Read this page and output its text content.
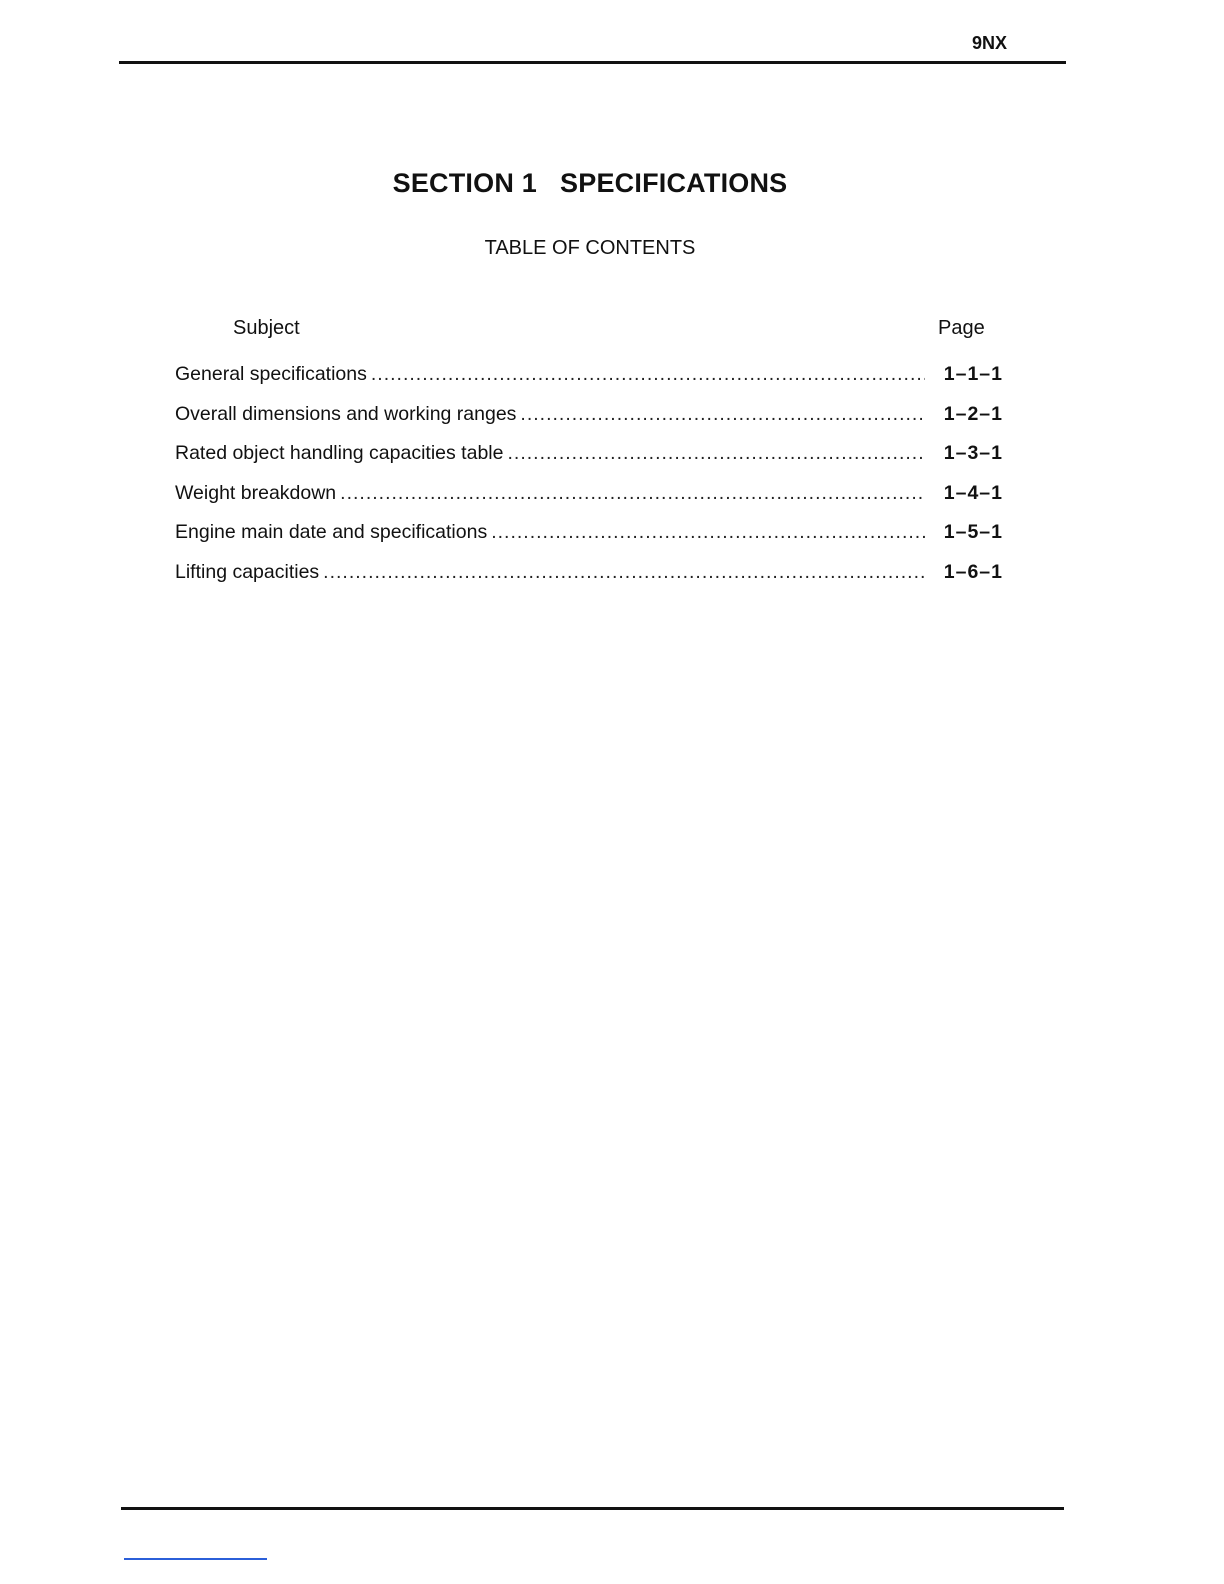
9NX
SECTION 1   SPECIFICATIONS
TABLE OF CONTENTS
Subject	Page
General specifications .....	1–1–1
Overall dimensions and working ranges .....	1–2–1
Rated object handling capacities table .....	1–3–1
Weight breakdown .....	1–4–1
Engine main date and specifications .....	1–5–1
Lifting capacities .....	1–6–1
